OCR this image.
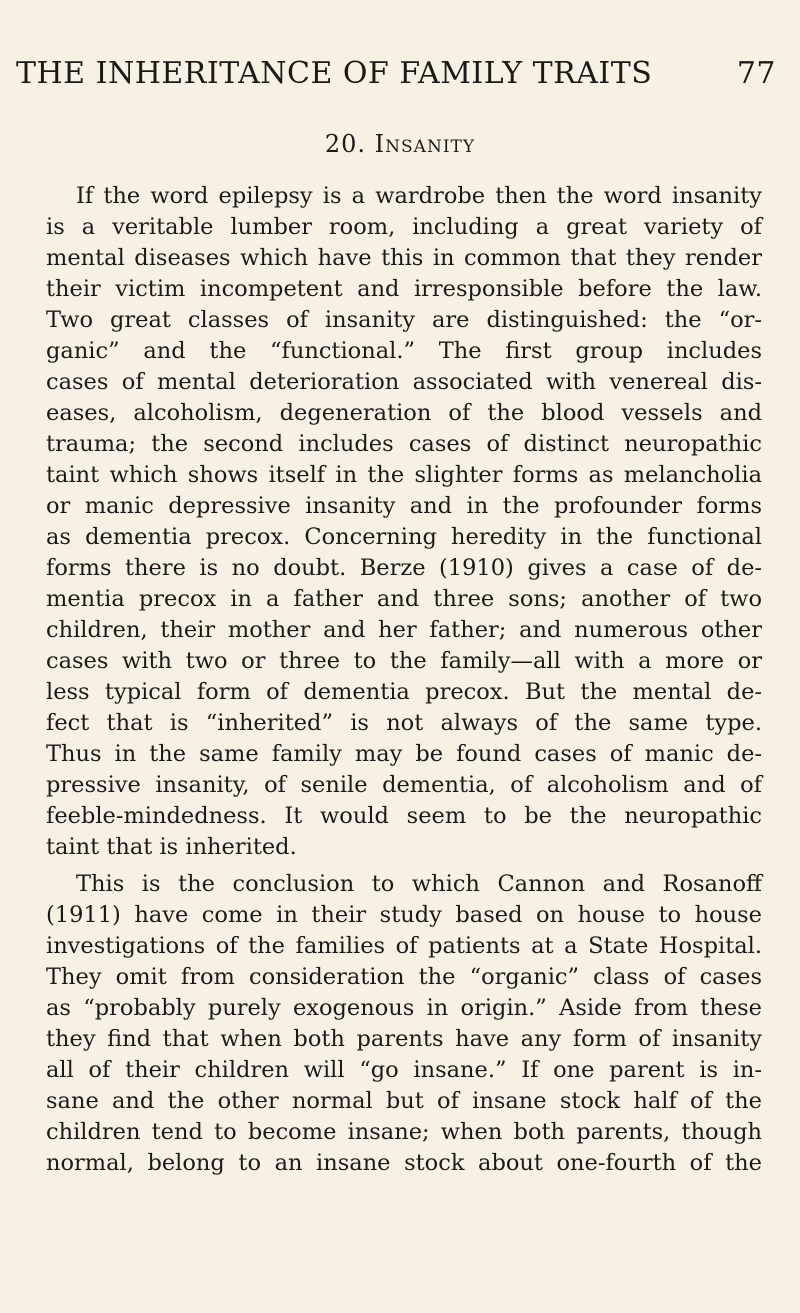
THE INHERITANCE OF FAMILY TRAITS	77
20. Insanity
If the word epilepsy is a wardrobe then the word insanity
is a veritable lumber room, including a great variety of
mental diseases which have this in common that they render
their victim incompetent and irresponsible before the law.
Two great classes of insanity are distinguished: the “or-
ganic” and the “functional.” The first group includes
cases of mental deterioration associated with venereal dis-
eases, alcoholism, degeneration of the blood vessels and
trauma; the second includes cases of distinct neuropathic
taint which shows itself in the slighter forms as melancholia
or manic depressive insanity and in the profounder forms
as dementia precox. Concerning heredity in the functional
forms there is no doubt. Berze (1910) gives a case of de-
mentia precox in a father and three sons; another of two
children, their mother and her father; and numerous other
cases with two or three to the family—all with a more or
less typical form of dementia precox. But the mental de-
fect that is “inherited” is not always of the same type.
Thus in the same family may be found cases of manic de-
pressive insanity, of senile dementia, of alcoholism and of
feeble-mindedness. It would seem to be the neuropathic
taint that is inherited.
This is the conclusion to which Cannon and Rosanoff
(1911) have come in their study based on house to house
investigations of the families of patients at a State Hospital.
They omit from consideration the “organic” class of cases
as “probably purely exogenous in origin.” Aside from these
they find that when both parents have any form of insanity
all of their children will “go insane.” If one parent is in-
sane and the other normal but of insane stock half of the
children tend to become insane; when both parents, though
normal, belong to an insane stock about one-fourth of the
